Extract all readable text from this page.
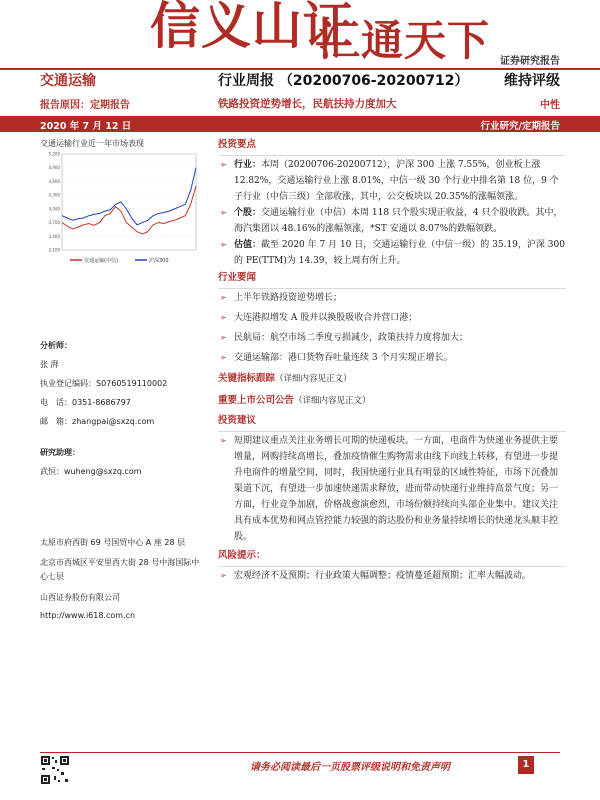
信义山证
汇通天下 证券研究报告
交通运输	行业周报 （20200706-20200712）	维持评级
报告原因：定期报告	铁路投资逆势增长，民航扶持力度加大	中性
2020 年 7 月 12 日	行业研究/定期报告
交通运输行业近一年市场表现
3,100
3,400
3,700
4,000
4,300
4,600
4,900
5,200
交通运输(中信)	沪深300
分析师：
张 湃
执业登记编码：S0760519110002
电　话：0351-8686797
邮　箱：zhangpai@sxzq.com
研究助理：
武恒：wuheng@sxzq.com
太原市府西街 69 号国贸中心 A 座 28 层
北京市西城区平安里西大街 28 号中海国际中心七层
山西证券股份有限公司
http://www.i618.com.cn
投资要点
➢ 行业：本周（20200706-20200712），沪深 300 上涨 7.55%，创业板上涨 12.82%，交通运输行业上涨 8.01%，中信一级 30 个行业中排名第 18 位，9 个子行业（中信三级）全部收涨，其中，公交板块以 20.35%的涨幅领涨。
➢ 个股：交通运输行业（中信）本周 118 只个股实现正收益，4 只个股收跌。其中，海汽集团以 48.16%的涨幅领涨，*ST 安通以 8.07%的跌幅领跌。
➢ 估值：截至 2020 年 7 月 10 日，交通运输行业（中信一级）的 35.19，沪深 300 的 PE(TTM)为 14.39，较上周有所上升。
行业要闻
➢ 上半年铁路投资逆势增长；
➢ 大连港拟增发 A 股并以换股吸收合并营口港；
➢ 民航局：航空市场二季度亏损减少，政策扶持力度将加大；
➢ 交通运输部：港口货物吞吐量连续 3 个月实现正增长。
关键指标跟踪（详细内容见正文）
重要上市公司公告（详细内容见正文）
投资建议
➢ 短期建议重点关注业务增长可期的快递板块。一方面，电商件为快递业务提供主要增量，网购持续高增长，叠加疫情催生购物需求由线下向线上转移，有望进一步提升电商件的增量空间，同时，我国快递行业具有明显的区域性特征，市场下沉叠加渠道下沉，有望进一步加速快递需求释放，进而带动快递行业维持高景气度；另一方面，行业竞争加剧，价格战愈演愈烈，市场份额持续向头部企业集中。建议关注具有成本优势和网点管控能力较强的韵达股份和业务量持续增长的快递龙头顺丰控股。
风险提示：
➢ 宏观经济不及预期；行业政策大幅调整；疫情蔓延超预期；汇率大幅波动。
请务必阅读最后一页股票评级说明和免责声明	1
